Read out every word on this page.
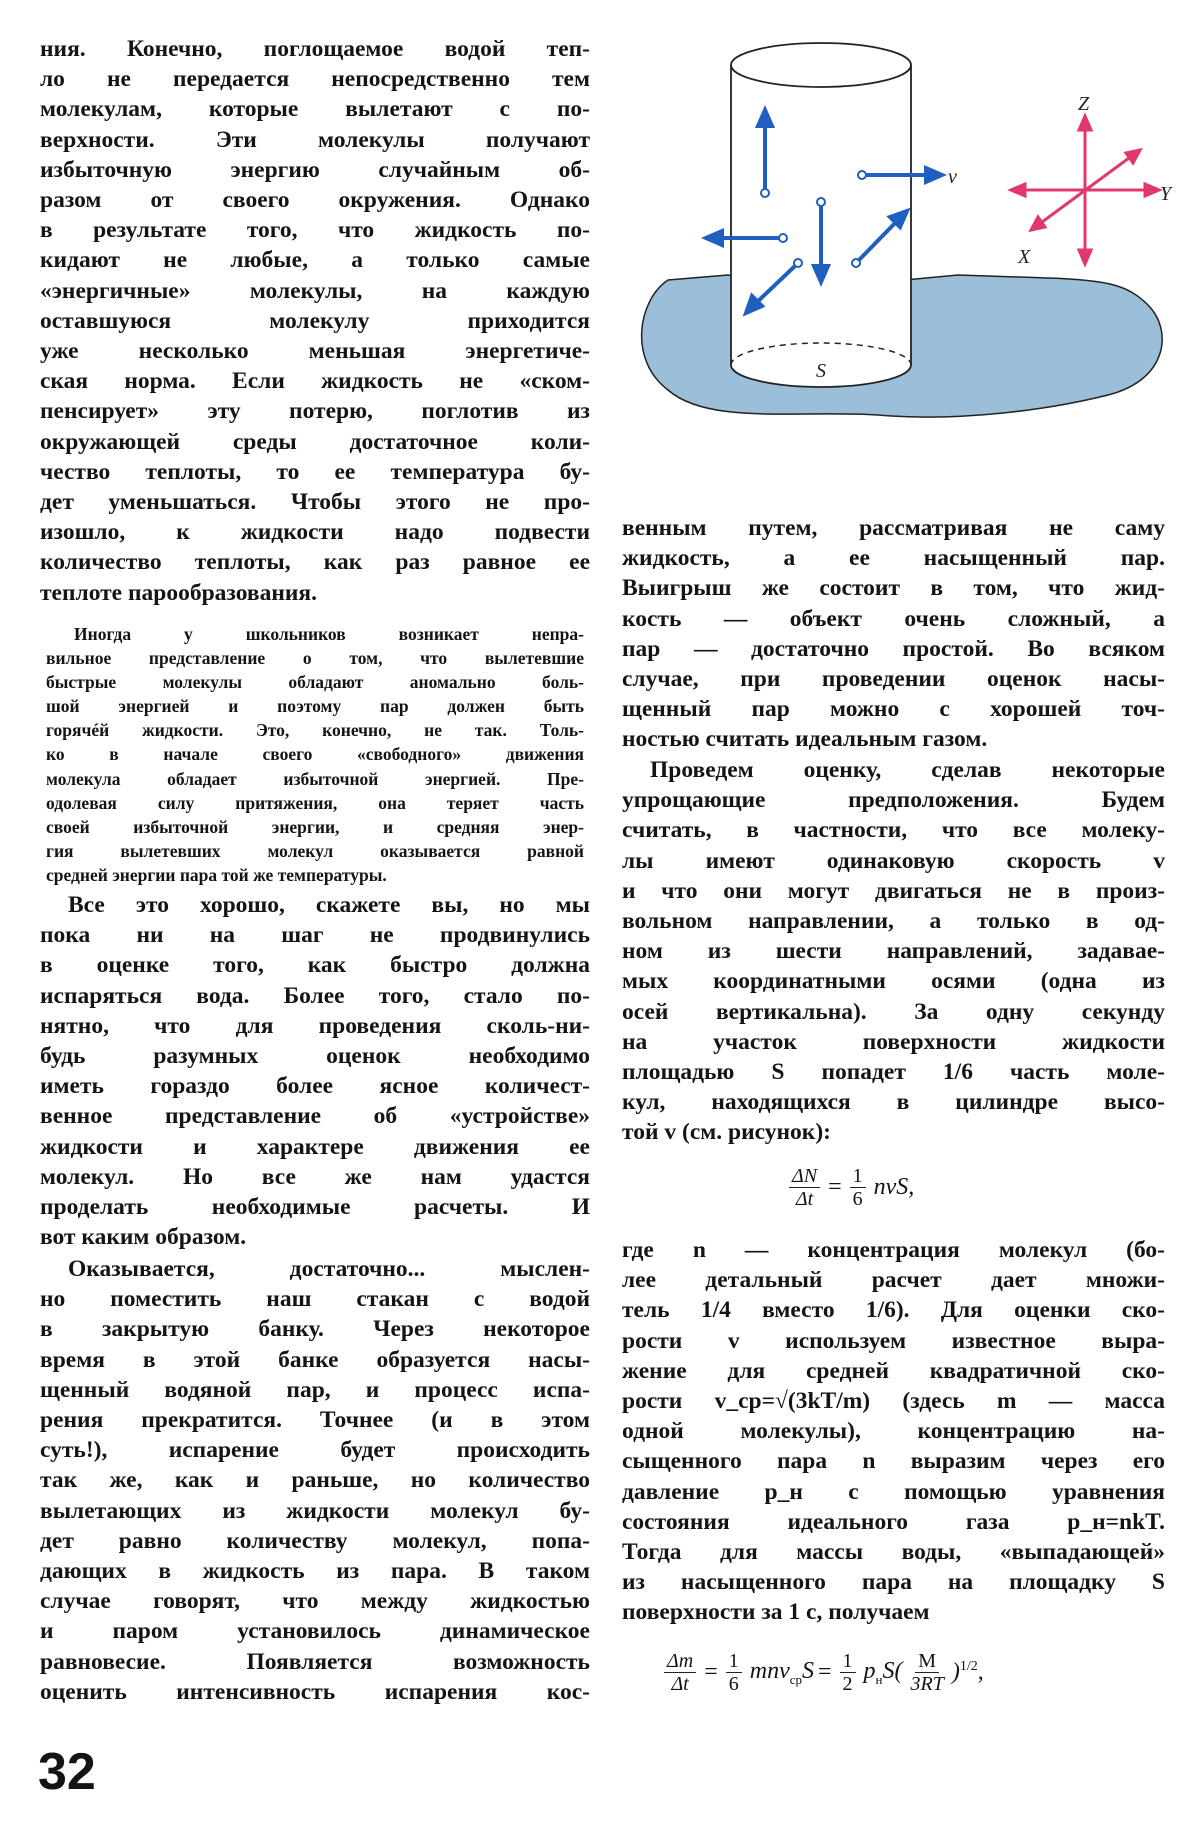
v
Z
Y
X
S
ния. Конечно, поглощаемое водой теп-
ло не передается непосредственно тем
молекулам, которые вылетают с по-
верхности. Эти молекулы получают
избыточную энергию случайным об-
разом от своего окружения. Однако
в результате того, что жидкость по-
кидают не любые, а только самые
«энергичные» молекулы, на каждую
оставшуюся молекулу приходится
уже несколько меньшая энергетиче-
ская норма. Если жидкость не «ском-
пенсирует» эту потерю, поглотив из
окружающей среды достаточное коли-
чество теплоты, то ее температура бу-
дет уменьшаться. Чтобы этого не про-
изошло, к жидкости надо подвести
количество теплоты, как раз равное ее
теплоте парообразования.
Иногда у школьников возникает непра-
вильное представление о том, что вылетевшие
быстрые молекулы обладают аномально боль-
шой энергией и поэтому пар должен быть
горячéй жидкости. Это, конечно, не так. Толь-
ко в начале своего «свободного» движения
молекула обладает избыточной энергией. Пре-
одолевая силу притяжения, она теряет часть
своей избыточной энергии, и средняя энер-
гия вылетевших молекул оказывается равной
средней энергии пара той же температуры.
Все это хорошо, скажете вы, но мы
пока ни на шаг не продвинулись
в оценке того, как быстро должна
испаряться вода. Более того, стало по-
нятно, что для проведения сколь-ни-
будь разумных оценок необходимо
иметь гораздо более ясное количест-
венное представление об «устройстве»
жидкости и характере движения ее
молекул. Но все же нам удастся
проделать необходимые расчеты. И
вот каким образом.
Оказывается, достаточно... мыслен-
но поместить наш стакан с водой
в закрытую банку. Через некоторое
время в этой банке образуется насы-
щенный водяной пар, и процесс испа-
рения прекратится. Точнее (и в этом
суть!), испарение будет происходить
так же, как и раньше, но количество
вылетающих из жидкости молекул бу-
дет равно количеству молекул, попа-
дающих в жидкость из пара. В таком
случае говорят, что между жидкостью
и паром установилось динамическое
равновесие. Появляется возможность
оценить интенсивность испарения кос-
венным путем, рассматривая не саму
жидкость, а ее насыщенный пар.
Выигрыш же состоит в том, что жид-
кость — объект очень сложный, а
пар — достаточно простой. Во всяком
случае, при проведении оценок насы-
щенный пар можно с хорошей точ-
ностью считать идеальным газом.
Проведем оценку, сделав некоторые
упрощающие предположения. Будем
считать, в частности, что все молеку-
лы имеют одинаковую скорость v
и что они могут двигаться не в произ-
вольном направлении, а только в од-
ном из шести направлений, задавае-
мых координатными осями (одна из
осей вертикальна). За одну секунду
на участок поверхности жидкости
площадью S попадет 1/6 часть моле-
кул, находящихся в цилиндре высо-
той v (см. рисунок):
$\frac{\Delta N}{\Delta t} = \frac{1}{6}$ nvS,
где n — концентрация молекул (бо-
лее детальный расчет дает множи-
тель 1/4 вместо 1/6). Для оценки ско-
рости v используем известное выра-
жение для средней квадратичной ско-
рости v_ср=√(3kT/m) (здесь m — масса
одной молекулы), концентрацию на-
сыщенного пара n выразим через его
давление p_н с помощью уравнения
состояния идеального газа p_н=nkT.
Тогда для массы воды, «выпадающей»
из насыщенного пара на площадку S
поверхности за 1 с, получаем
$\frac{\Delta m}{\Delta t} = \frac{1}{6} mnv_{ср}S = \frac{1}{2} p_нS( \frac{M}{3RT} )^{1/2}$,
32
